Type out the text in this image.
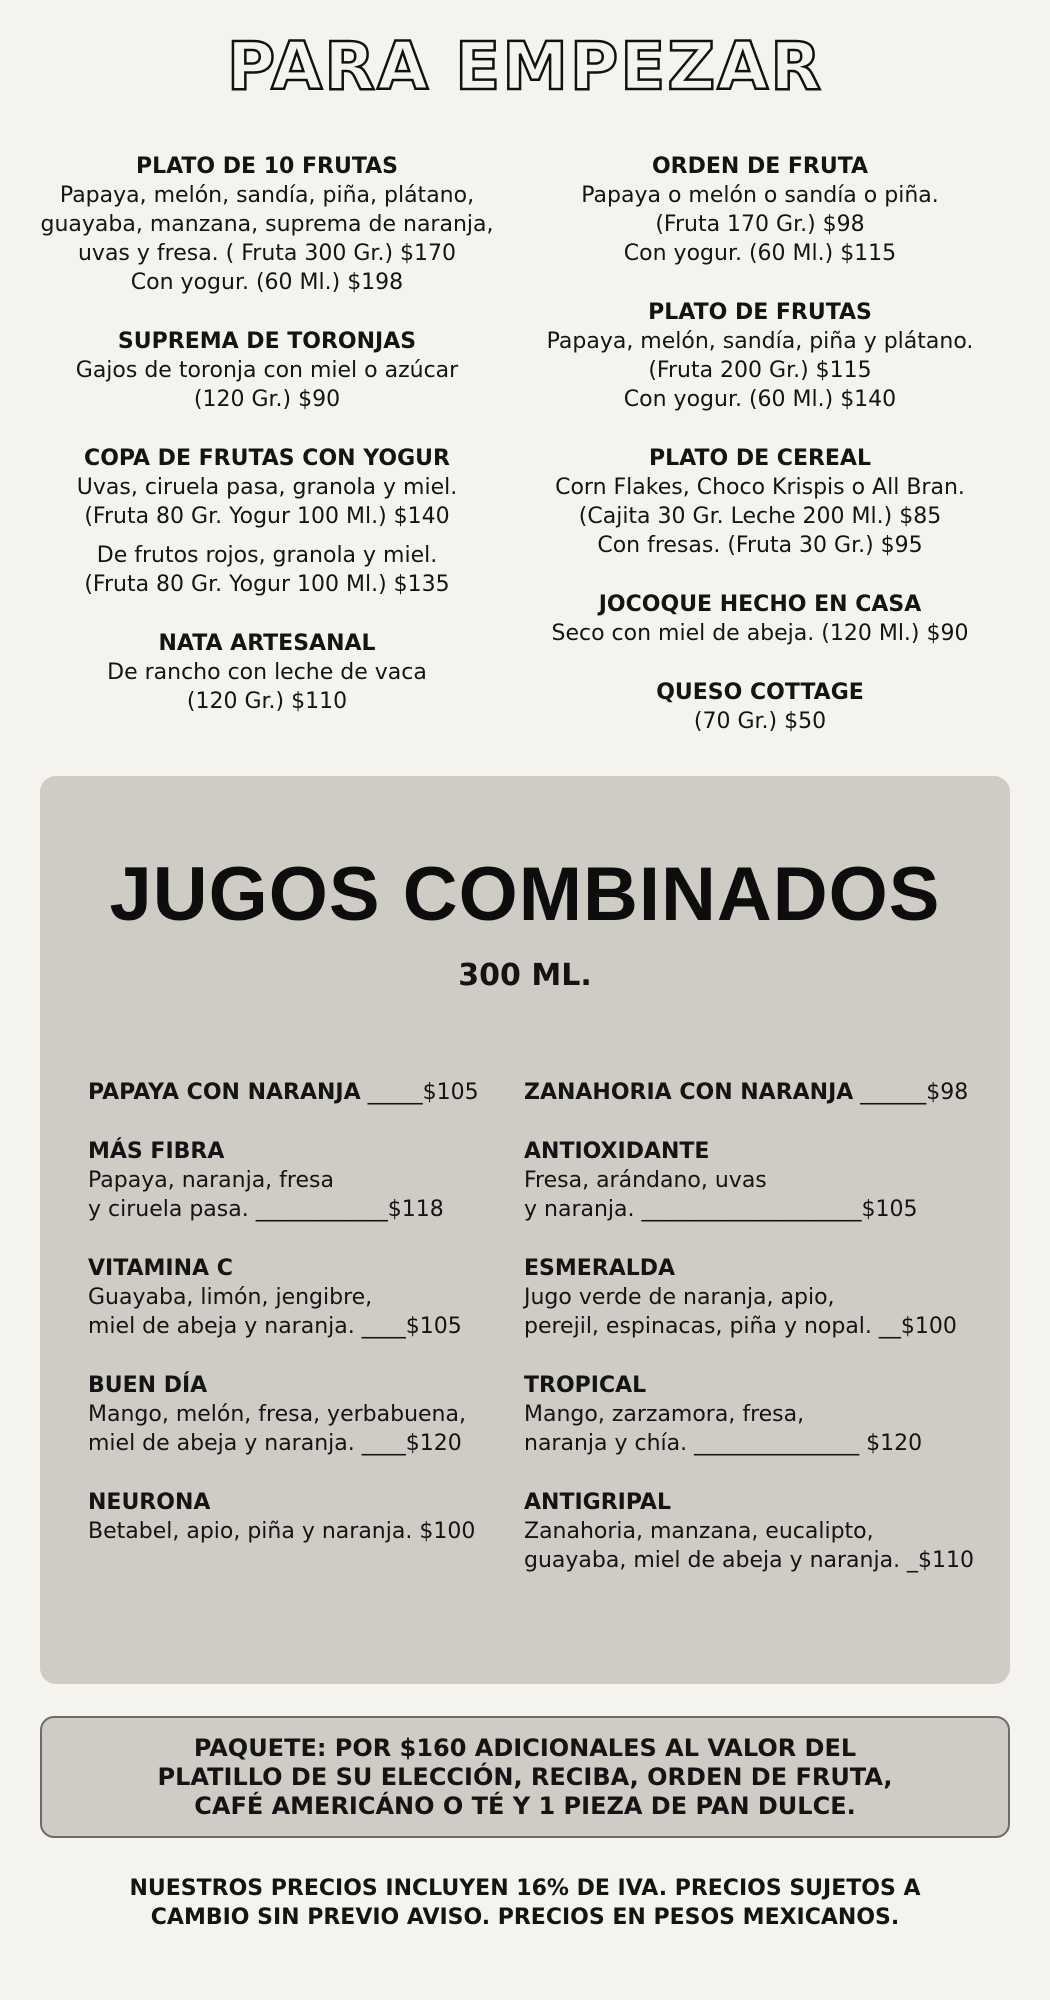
PARA EMPEZAR
PLATO DE 10 FRUTAS
Papaya, melón, sandía, piña, plátano,
guayaba, manzana, suprema de naranja,
uvas y fresa. ( Fruta 300 Gr.) $170
Con yogur. (60 Ml.) $198
SUPREMA DE TORONJAS
Gajos de toronja con miel o azúcar
(120 Gr.) $90
COPA DE FRUTAS CON YOGUR
Uvas, ciruela pasa, granola y miel.
(Fruta 80 Gr. Yogur 100 Ml.) $140
De frutos rojos, granola y miel.
(Fruta 80 Gr. Yogur 100 Ml.) $135
NATA ARTESANAL
De rancho con leche de vaca
(120 Gr.) $110
ORDEN DE FRUTA
Papaya o melón o sandía o piña.
(Fruta 170 Gr.) $98
Con yogur. (60 Ml.) $115
PLATO DE FRUTAS
Papaya, melón, sandía, piña y plátano.
(Fruta 200 Gr.) $115
Con yogur. (60 Ml.) $140
PLATO DE CEREAL
Corn Flakes, Choco Krispis o All Bran.
(Cajita 30 Gr. Leche 200 Ml.) $85
Con fresas. (Fruta 30 Gr.) $95
JOCOQUE HECHO EN CASA
Seco con miel de abeja. (120 Ml.) $90
QUESO COTTAGE
(70 Gr.) $50
JUGOS COMBINADOS
300 ML.
PAPAYA CON NARANJA _____$105
MÁS FIBRA
Papaya, naranja, fresa
y ciruela pasa. ____________$118
VITAMINA C
Guayaba, limón, jengibre,
miel de abeja y naranja. ____$105
BUEN DÍA
Mango, melón, fresa, yerbabuena,
miel de abeja y naranja. ____$120
NEURONA
Betabel, apio, piña y naranja. $100
ZANAHORIA CON NARANJA ______$98
ANTIOXIDANTE
Fresa, arándano, uvas
y naranja. ____________________$105
ESMERALDA
Jugo verde de naranja, apio,
perejil, espinacas, piña y nopal. __$100
TROPICAL
Mango, zarzamora, fresa,
naranja y chía. _______________ $120
ANTIGRIPAL
Zanahoria, manzana, eucalipto,
guayaba, miel de abeja y naranja. _$110
PAQUETE: POR $160 ADICIONALES AL VALOR DEL
PLATILLO DE SU ELECCIÓN, RECIBA, ORDEN DE FRUTA,
CAFÉ AMERICÁNO O TÉ Y 1 PIEZA DE PAN DULCE.
NUESTROS PRECIOS INCLUYEN 16% DE IVA. PRECIOS SUJETOS A
CAMBIO SIN PREVIO AVISO. PRECIOS EN PESOS MEXICANOS.
